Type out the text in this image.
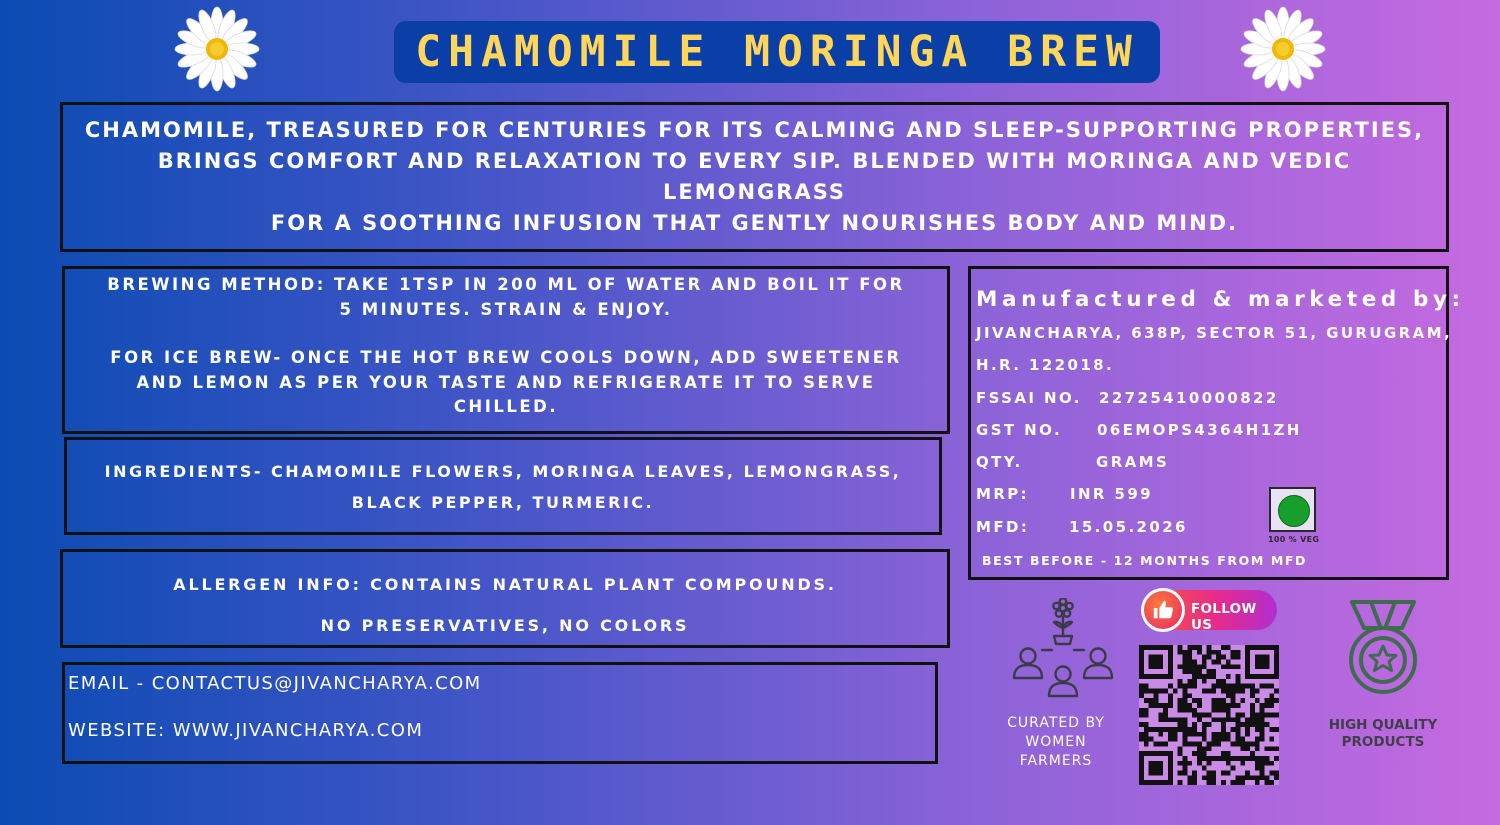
CHAMOMILE MORINGA BREW

CHAMOMILE, TREASURED FOR CENTURIES FOR ITS CALMING AND SLEEP-SUPPORTING PROPERTIES,
BRINGS COMFORT AND RELAXATION TO EVERY SIP. BLENDED WITH MORINGA AND VEDIC LEMONGRASS
FOR A SOOTHING INFUSION THAT GENTLY NOURISHES BODY AND MIND.

BREWING METHOD: TAKE 1TSP IN 200 ML OF WATER AND BOIL IT FOR
5 MINUTES. STRAIN & ENJOY.

FOR ICE BREW- ONCE THE HOT BREW COOLS DOWN, ADD SWEETENER
AND LEMON AS PER YOUR TASTE AND REFRIGERATE IT TO SERVE
CHILLED.

INGREDIENTS- CHAMOMILE FLOWERS, MORINGA LEAVES, LEMONGRASS,
BLACK PEPPER, TURMERIC.

ALLERGEN INFO: CONTAINS NATURAL PLANT COMPOUNDS.

NO PRESERVATIVES, NO COLORS

EMAIL - CONTACTUS@JIVANCHARYA.COM

WEBSITE: WWW.JIVANCHARYA.COM

Manufactured & marketed by:
JIVANCHARYA, 638P, SECTOR 51, GURUGRAM,
H.R. 122018.
FSSAI NO. 22725410000822
GST NO. 06EMOPS4364H1ZH
QTY.	GRAMS
MRP:	INR 599
MFD:	15.05.2026
BEST BEFORE - 12 MONTHS FROM MFD
100 % VEG
CURATED BY
WOMEN
FARMERS
FOLLOW US
HIGH QUALITY
PRODUCTS
